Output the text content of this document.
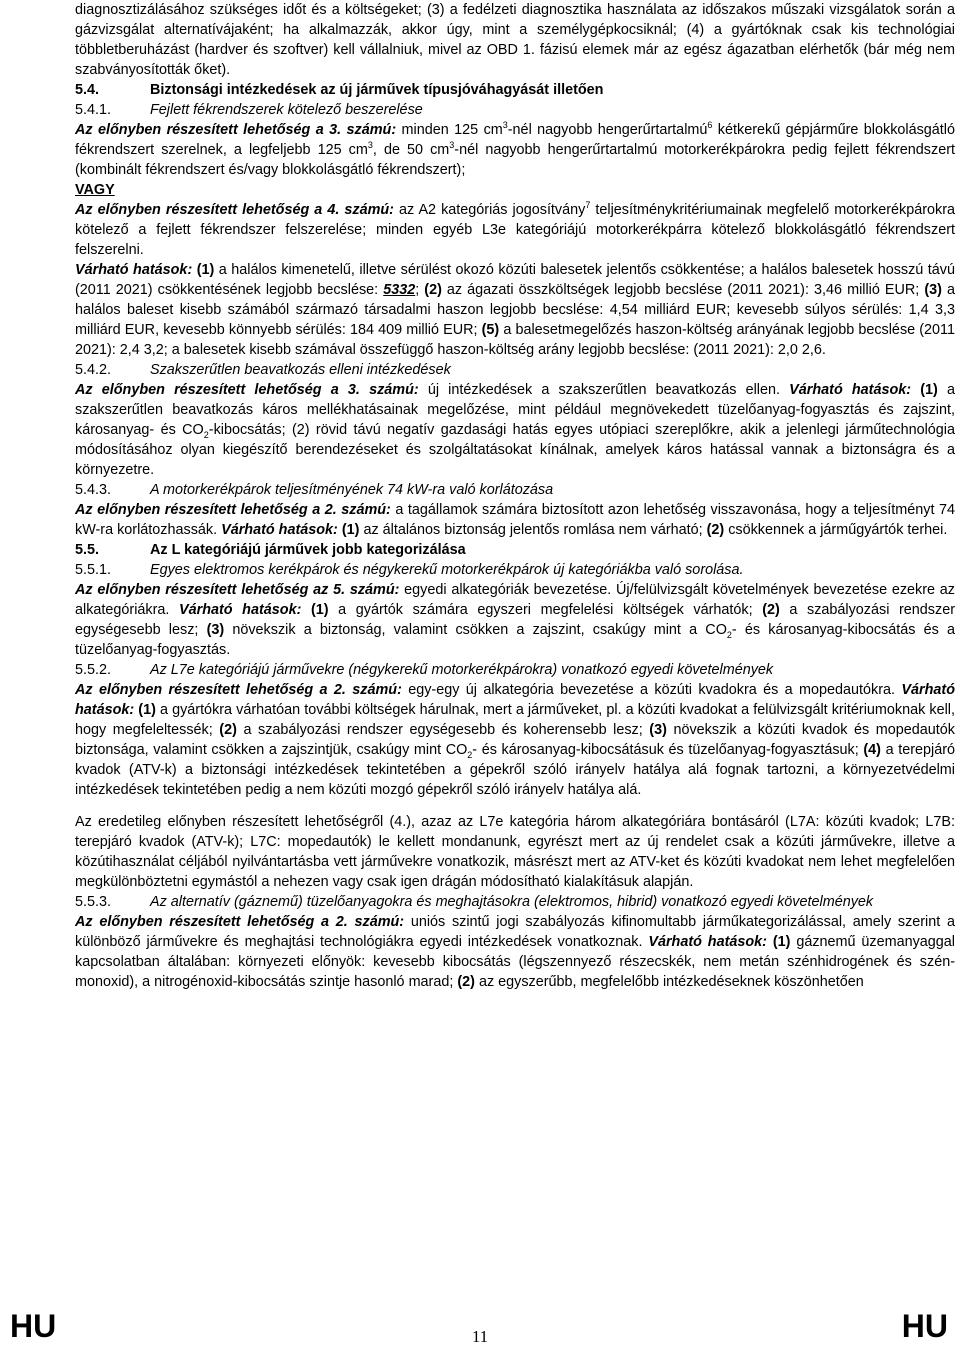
diagnosztizálásához szükséges időt és a költségeket; (3) a fedélzeti diagnosztika használata az időszakos műszaki vizsgálatok során a gázvizsgálat alternatívájaként; ha alkalmazzák, akkor úgy, mint a személygépkocsiknál; (4) a gyártóknak csak kis technológiai többletberuházást (hardver és szoftver) kell vállalniuk, mivel az OBD 1. fázisú elemek már az egész ágazatban elérhetők (bár még nem szabványosították őket).

5.4.	Biztonsági intézkedések az új járművek típusjóváhagyását illetően
5.4.1.	Fejlett fékrendszerek kötelező beszerelése

Az előnyben részesített lehetőség a 3. számú: minden 125 $cm^3$-nél nagyobb hengerűrtartalmú$^6$ kétkerekű gépjárműre blokkolásgátló fékrendszert szerelnek, a legfeljebb 125 $cm^3$, de 50 $cm^3$-nél nagyobb hengerűrtartalmú motorkerékpárokra pedig fejlett fékrendszert (kombinált fékrendszert és/vagy blokkolásgátló fékrendszert);

VAGY

Az előnyben részesített lehetőség a 4. számú: az A2 kategóriás jogosítvány$^7$ teljesítménykritériumainak megfelelő motorkerékpárokra kötelező a fejlett fékrendszer felszerelése; minden egyéb L3e kategóriájú motorkerékpárra kötelező blokkolásgátló fékrendszert felszerelni.

Várható hatások: (1) a halálos kimenetelű, illetve sérülést okozó közúti balesetek jelentős csökkentése; a halálos balesetek hosszú távú (2011 2021) csökkentésének legjobb becslése: 5332; (2) az ágazati összköltségek legjobb becslése (2011 2021): 3,46 millió EUR; (3) a halálos baleset kisebb számából származó társadalmi haszon legjobb becslése: 4,54 milliárd EUR; kevesebb súlyos sérülés: 1,4 3,3 milliárd EUR, kevesebb könnyebb sérülés: 184 409 millió EUR; (5) a balesetmegelőzés haszon-költség arányának legjobb becslése (2011 2021): 2,4 3,2; a balesetek kisebb számával összefüggő haszon-költség arány legjobb becslése: (2011 2021): 2,0 2,6.

5.4.2.	Szakszerűtlen beavatkozás elleni intézkedések

Az előnyben részesített lehetőség a 3. számú: új intézkedések a szakszerűtlen beavatkozás ellen. Várható hatások: (1) a szakszerűtlen beavatkozás káros mellékhatásainak megelőzése, mint például megnövekedett tüzelőanyag-fogyasztás és zajszint, károsanyag- és $CO_2$-kibocsátás; (2) rövid távú negatív gazdasági hatás egyes utópiaci szereplőkre, akik a jelenlegi járműtechnológia módosításához olyan kiegészítő berendezéseket és szolgáltatásokat kínálnak, amelyek káros hatással vannak a biztonságra és a környezetre.

5.4.3.	A motorkerékpárok teljesítményének 74 kW-ra való korlátozása

Az előnyben részesített lehetőség a 2. számú: a tagállamok számára biztosított azon lehetőség visszavonása, hogy a teljesítményt 74 kW-ra korlátozhassák. Várható hatások: (1) az általános biztonság jelentős romlása nem várható; (2) csökkennek a járműgyártók terhei.

5.5.	Az L kategóriájú járművek jobb kategorizálása
5.5.1.	Egyes elektromos kerékpárok és négykerekű motorkerékpárok új kategóriákba való sorolása.

Az előnyben részesített lehetőség az 5. számú: egyedi alkategóriák bevezetése. Új/felülvizsgált követelmények bevezetése ezekre az alkategóriákra. Várható hatások: (1) a gyártók számára egyszeri megfelelési költségek várhatók; (2) a szabályozási rendszer egységesebb lesz; (3) növekszik a biztonság, valamint csökken a zajszint, csakúgy mint a $CO_2-$ és károsanyag-kibocsátás és a tüzelőanyag-fogyasztás.

5.5.2.	Az L7e kategóriájú járművekre (négykerekű motorkerékpárokra) vonatkozó egyedi követelmények

Az előnyben részesített lehetőség a 2. számú: egy-egy új alkategória bevezetése a közúti kvadokra és a mopedautókra. Várható hatások: (1) a gyártókra várhatóan további költségek hárulnak, mert a járműveket, pl. a közúti kvadokat a felülvizsgált kritériumoknak kell, hogy megfeleltessék; (2) a szabályozási rendszer egységesebb és koherensebb lesz; (3) növekszik a közúti kvadok és mopedautók biztonsága, valamint csökken a zajszintjük, csakúgy mint $CO_2-$ és károsanyag-kibocsátásuk és tüzelőanyag-fogyasztásuk; (4) a terepjáró kvadok (ATV-k) a biztonsági intézkedések tekintetében a gépekről szóló irányelv hatálya alá fognak tartozni, a környezetvédelmi intézkedések tekintetében pedig a nem közúti mozgó gépekről szóló irányelv hatálya alá.

Az eredetileg előnyben részesített lehetőségről (4.), azaz az L7e kategória három alkategóriára bontásáról (L7A: közúti kvadok; L7B: terepjáró kvadok (ATV-k); L7C: mopedautók) le kellett mondanunk, egyrészt mert az új rendelet csak a közúti járművekre, illetve a közútihasználat céljából nyilvántartásba vett járművekre vonatkozik, másrészt mert az ATV-ket és közúti kvadokat nem lehet megfelelően megkülönböztetni egymástól a nehezen vagy csak igen drágán módosítható kialakításuk alapján.

5.5.3.	Az alternatív (gáznemű) tüzelőanyagokra és meghajtásokra (elektromos, hibrid) vonatkozó egyedi követelmények

Az előnyben részesített lehetőség a 2. számú: uniós szintű jogi szabályozás kifinomultabb járműkategorizálással, amely szerint a különböző járművekre és meghajtási technológiákra egyedi intézkedések vonatkoznak. Várható hatások: (1) gáznemű üzemanyaggal kapcsolatban általában: környezeti előnyök: kevesebb kibocsátás (légszennyező részecskék, nem metán szénhidrogének és szén-monoxid), a nitrogénoxid-kibocsátás szintje hasonló marad; (2) az egyszerűbb, megfelelőbb intézkedéseknek köszönhetően

HU	11	HU
